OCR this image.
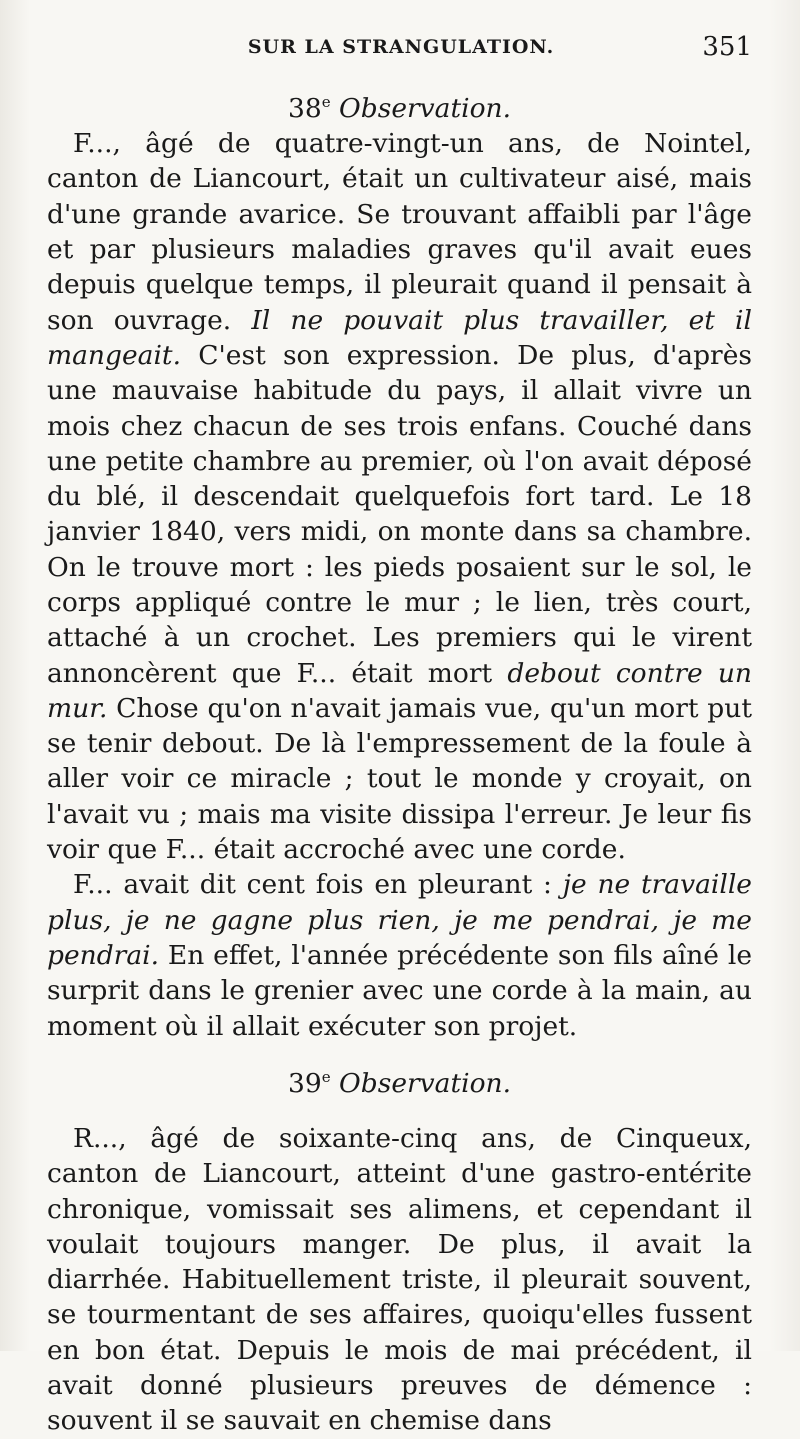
SUR LA STRANGULATION.	351
38e Observation.

F..., âgé de quatre-vingt-un ans, de Nointel, canton de Liancourt, était un cultivateur aisé, mais d'une grande avarice. Se trouvant affaibli par l'âge et par plusieurs maladies graves qu'il avait eues depuis quelque temps, il pleurait quand il pensait à son ouvrage. Il ne pouvait plus travailler, et il mangeait. C'est son expression. De plus, d'après une mauvaise habitude du pays, il allait vivre un mois chez chacun de ses trois enfans. Couché dans une petite chambre au premier, où l'on avait déposé du blé, il descendait quelquefois fort tard. Le 18 janvier 1840, vers midi, on monte dans sa chambre. On le trouve mort : les pieds posaient sur le sol, le corps appliqué contre le mur ; le lien, très court, attaché à un crochet. Les premiers qui le virent annoncèrent que F... était mort debout contre un mur. Chose qu'on n'avait jamais vue, qu'un mort put se tenir debout. De là l'empressement de la foule à aller voir ce miracle ; tout le monde y croyait, on l'avait vu ; mais ma visite dissipa l'erreur. Je leur fis voir que F... était accroché avec une corde.

F... avait dit cent fois en pleurant : je ne travaille plus, je ne gagne plus rien, je me pendrai, je me pendrai. En effet, l'année précédente son fils aîné le surprit dans le grenier avec une corde à la main, au moment où il allait exécuter son projet.

39e Observation.

R..., âgé de soixante-cinq ans, de Cinqueux, canton de Liancourt, atteint d'une gastro-entérite chronique, vomissait ses alimens, et cependant il voulait toujours manger. De plus, il avait la diarrhée. Habituellement triste, il pleurait souvent, se tourmentant de ses affaires, quoiqu'elles fussent en bon état. Depuis le mois de mai précédent, il avait donné plusieurs preuves de démence : souvent il se sauvait en chemise dans
